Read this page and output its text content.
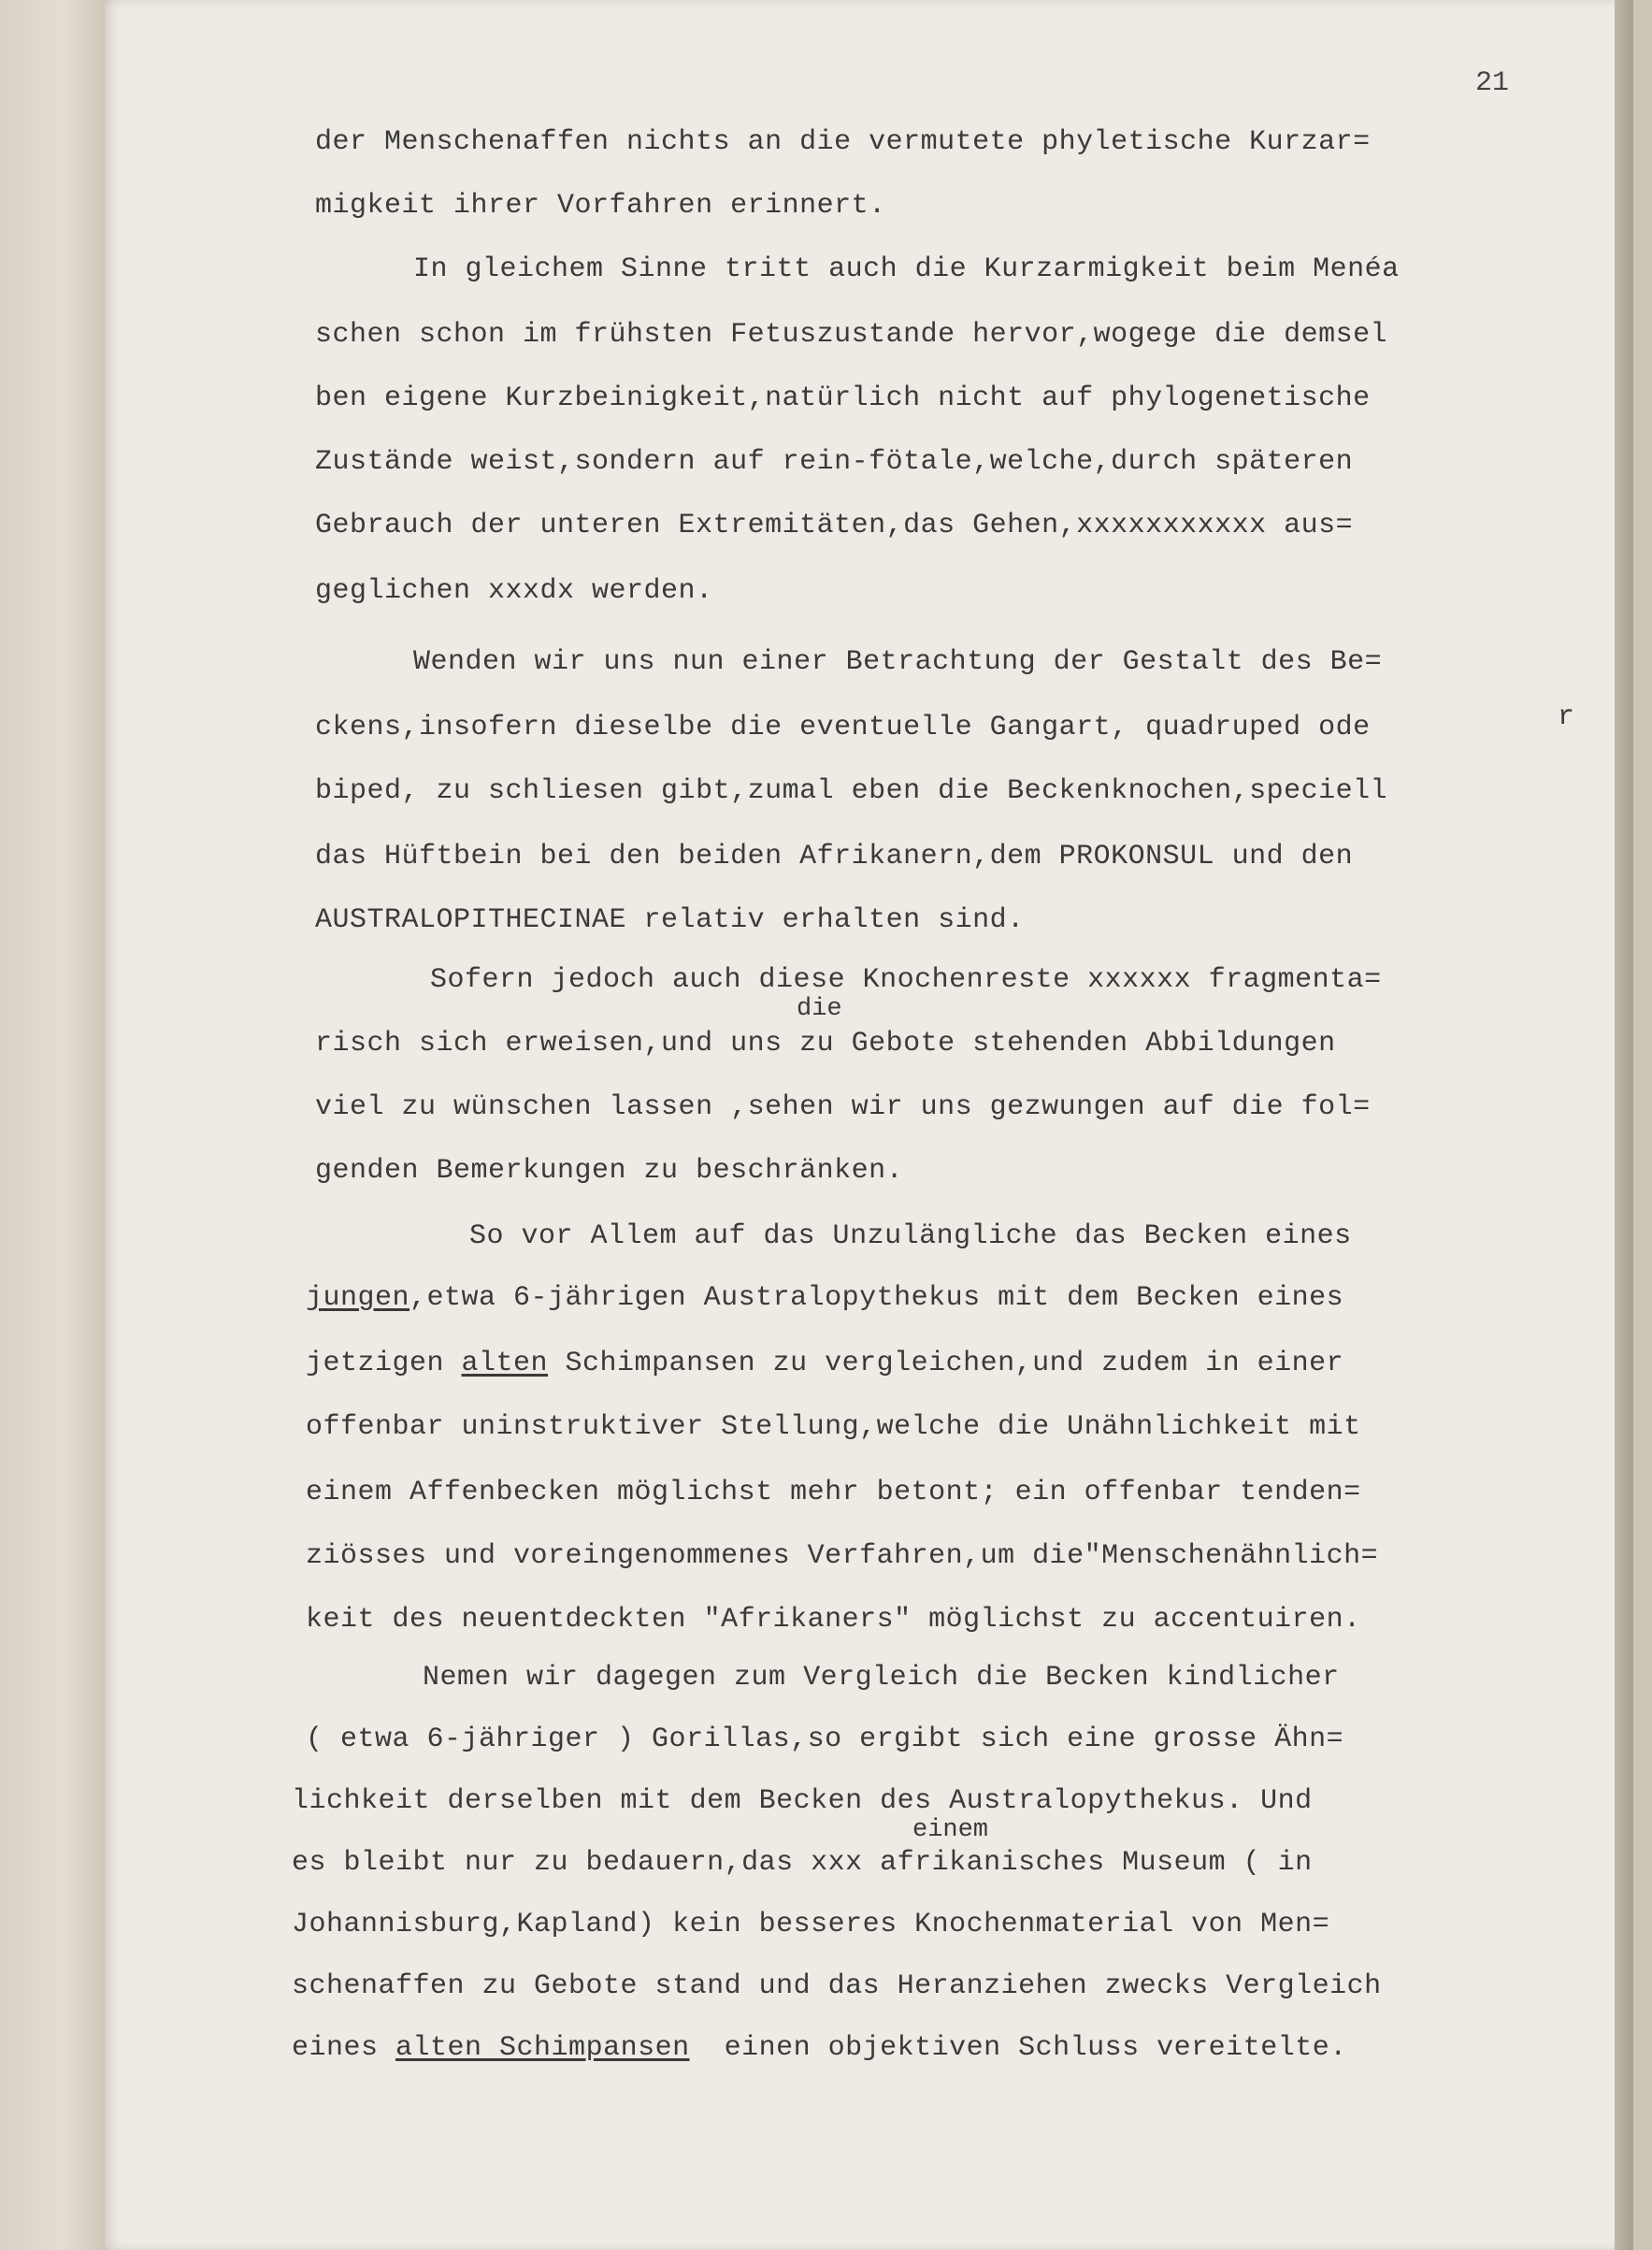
21
der Menschenaffen nichts an die vermutete phyletische Kurzar=
migkeit ihrer Vorfahren erinnert.
In gleichem Sinne tritt auch die Kurzarmigkeit beim Menéa
schen schon im frühsten Fetuszustande hervor,wogege die demsel
ben eigene Kurzbeinigkeit,natürlich nicht auf phylogenetische
Zustände weist,sondern auf rein-fötale,welche,durch späteren
Gebrauch der unteren Extremitäten,das Gehen,xxxxxxxxxxx aus=
geglichen xxxdx werden.
Wenden wir uns nun einer Betrachtung der Gestalt des Be=
ckens,insofern dieselbe die eventuelle Gangart, quadruped ode	r
biped, zu schliesen gibt,zumal eben die Beckenknochen,speciell
das Hüftbein bei den beiden Afrikanern,dem PROKONSUL und den
AUSTRALOPITHECINAE relativ erhalten sind.
Sofern jedoch auch diese Knochenreste xxxxxx fragmenta=
die
risch sich erweisen,und uns zu Gebote stehenden Abbildungen
viel zu wünschen lassen ,sehen wir uns gezwungen auf die fol=
genden Bemerkungen zu beschränken.
So vor Allem auf das Unzulängliche das Becken eines
jungen,etwa 6-jährigen Australopythekus mit dem Becken eines
jetzigen alten Schimpansen zu vergleichen,und zudem in einer
offenbar uninstruktiver Stellung,welche die Unähnlichkeit mit
einem Affenbecken möglichst mehr betont; ein offenbar tenden=
ziösses und voreingenommenes Verfahren,um die"Menschenähnlich=
keit des neuentdeckten "Afrikaners" möglichst zu accentuiren.
Nemen wir dagegen zum Vergleich die Becken kindlicher
( etwa 6-jähriger ) Gorillas,so ergibt sich eine grosse Ähn=
lichkeit derselben mit dem Becken des Australopythekus. Und
einem
es bleibt nur zu bedauern,das xxx afrikanisches Museum ( in
Johannisburg,Kapland) kein besseres Knochenmaterial von Men=
schenaffen zu Gebote stand und das Heranziehen zwecks Vergleich
eines alten Schimpansen  einen objektiven Schluss vereitelte.
